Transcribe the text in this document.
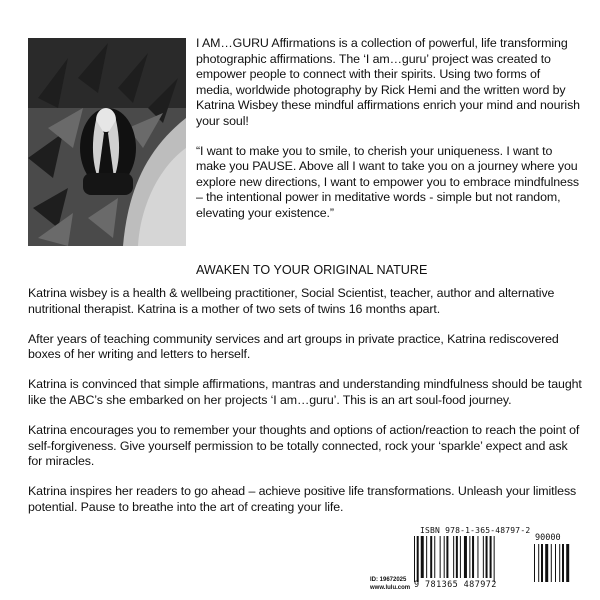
I AM…GURU Affirmations is a collection of powerful, life transforming photographic affirmations. The ‘I am…guru’ project was created to empower people to connect with their spirits. Using two forms of media, worldwide photography by Rick Hemi and the written word by Katrina Wisbey these mindful affirmations enrich your mind and nourish your soul!

“I want to make you to smile, to cherish your uniqueness. I want to make you PAUSE. Above all I want to take you on a journey where you explore new directions, I want to empower you to embrace mindfulness – the intentional power in meditative words - simple but not random, elevating your existence.”

AWAKEN TO YOUR ORIGINAL NATURE

Katrina wisbey is a health & wellbeing practitioner, Social Scientist, teacher, author and alternative nutritional therapist. Katrina is a mother of two sets of twins 16 months apart.

After years of teaching community services and art groups in private practice, Katrina rediscovered boxes of her writing and letters to herself.

Katrina is convinced that simple affirmations, mantras and understanding mindfulness should be taught like the ABC’s she embarked on her projects ‘I am…guru’. This is an art soul-food journey.

Katrina encourages you to remember your thoughts and options of action/reaction to reach the point of self-forgiveness. Give yourself permission to be totally connected, rock your ‘sparkle’ expect and ask for miracles.

Katrina inspires her readers to go ahead – achieve positive life transformations. Unleash your limitless potential. Pause to breathe into the art of creating your life.

ID: 19672025
www.lulu.com
ISBN 978-1-365-48797-2
90000
9 781365 487972
